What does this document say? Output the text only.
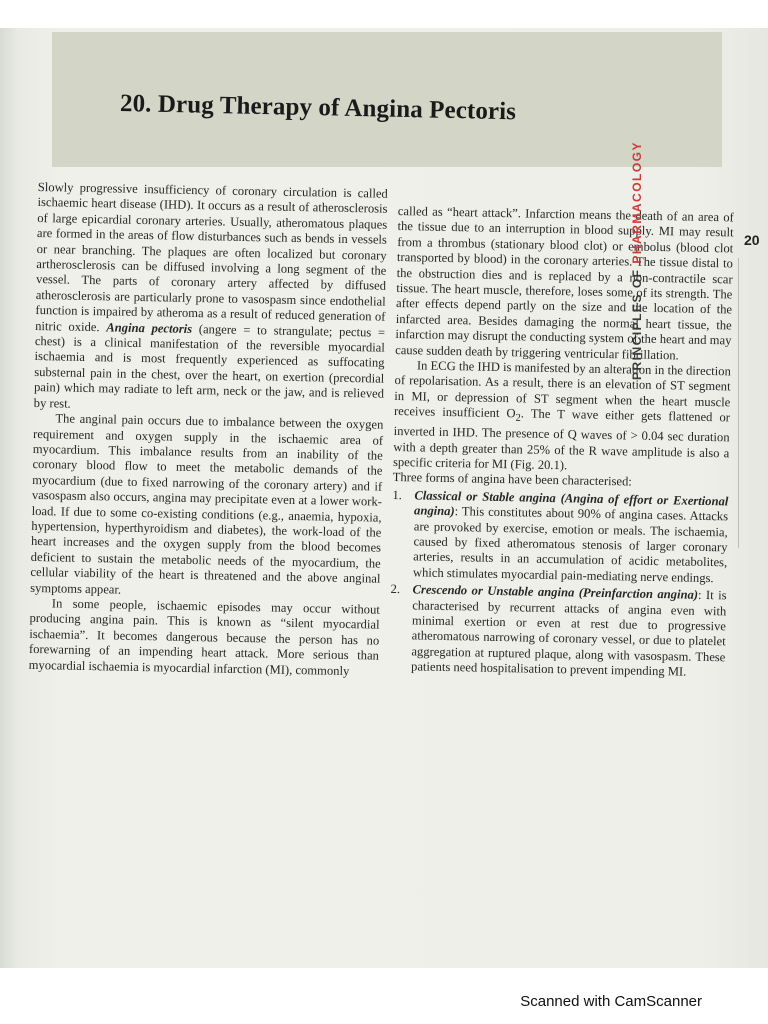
20. Drug Therapy of Angina Pectoris

Slowly progressive insufficiency of coronary circulation is called ischaemic heart disease (IHD). It occurs as a result of atherosclerosis of large epicardial coronary arteries. Usually, atheromatous plaques are formed in the areas of flow disturbances such as bends in vessels or near branching. The plaques are often localized but coronary artherosclerosis can be diffused involving a long segment of the vessel. The parts of coronary artery affected by diffused atherosclerosis are particularly prone to vasospasm since endothelial function is impaired by atheroma as a result of reduced generation of nitric oxide. Angina pectoris (angere = to strangulate; pectus = chest) is a clinical manifestation of the reversible myocardial ischaemia and is most frequently experienced as suffocating substernal pain in the chest, over the heart, on exertion (precordial pain) which may radiate to left arm, neck or the jaw, and is relieved by rest.

The anginal pain occurs due to imbalance between the oxygen requirement and oxygen supply in the ischaemic area of myocardium. This imbalance results from an inability of the coronary blood flow to meet the metabolic demands of the myocardium (due to fixed narrowing of the coronary artery) and if vasospasm also occurs, angina may precipitate even at a lower work-load. If due to some co-existing conditions (e.g., anaemia, hypoxia, hypertension, hyperthyroidism and diabetes), the work-load of the heart increases and the oxygen supply from the blood becomes deficient to sustain the metabolic needs of the myocardium, the cellular viability of the heart is threatened and the above anginal symptoms appear.

In some people, ischaemic episodes may occur without producing angina pain. This is known as “silent myocardial ischaemia”. It becomes dangerous because the person has no forewarning of an impending heart attack. More serious than myocardial ischaemia is myocardial infarction (MI), commonly

called as “heart attack”. Infarction means the death of an area of the tissue due to an interruption in blood supply. MI may result from a thrombus (stationary blood clot) or embolus (blood clot transported by blood) in the coronary arteries. The tissue distal to the obstruction dies and is replaced by a non-contractile scar tissue. The heart muscle, therefore, loses some of its strength. The after effects depend partly on the size and the location of the infarcted area. Besides damaging the normal heart tissue, the infarction may disrupt the conducting system of the heart and may cause sudden death by triggering ventricular fibrillation.

In ECG the IHD is manifested by an alteration in the direction of repolarisation. As a result, there is an elevation of ST segment in MI, or depression of ST segment when the heart muscle receives insufficient $O_2$. The T wave either gets flattened or inverted in IHD. The presence of Q waves of > 0.04 sec duration with a depth greater than 25% of the R wave amplitude is also a specific criteria for MI (Fig. 20.1).

Three forms of angina have been characterised:

1. Classical or Stable angina (Angina of effort or Exertional angina): This constitutes about 90% of angina cases. Attacks are provoked by exercise, emotion or meals. The ischaemia, caused by fixed atheromatous stenosis of larger coronary arteries, results in an accumulation of acidic metabolites, which stimulates myocardial pain-mediating nerve endings.
2. Crescendo or Unstable angina (Preinfarction angina): It is characterised by recurrent attacks of angina even with minimal exertion or even at rest due to progressive atheromatous narrowing of coronary vessel, or due to platelet aggregation at ruptured plaque, along with vasospasm. These patients need hospitalisation to prevent impending MI.
20
PRINCIPLES OF PHARMACOLOGY
Scanned with CamScanner
